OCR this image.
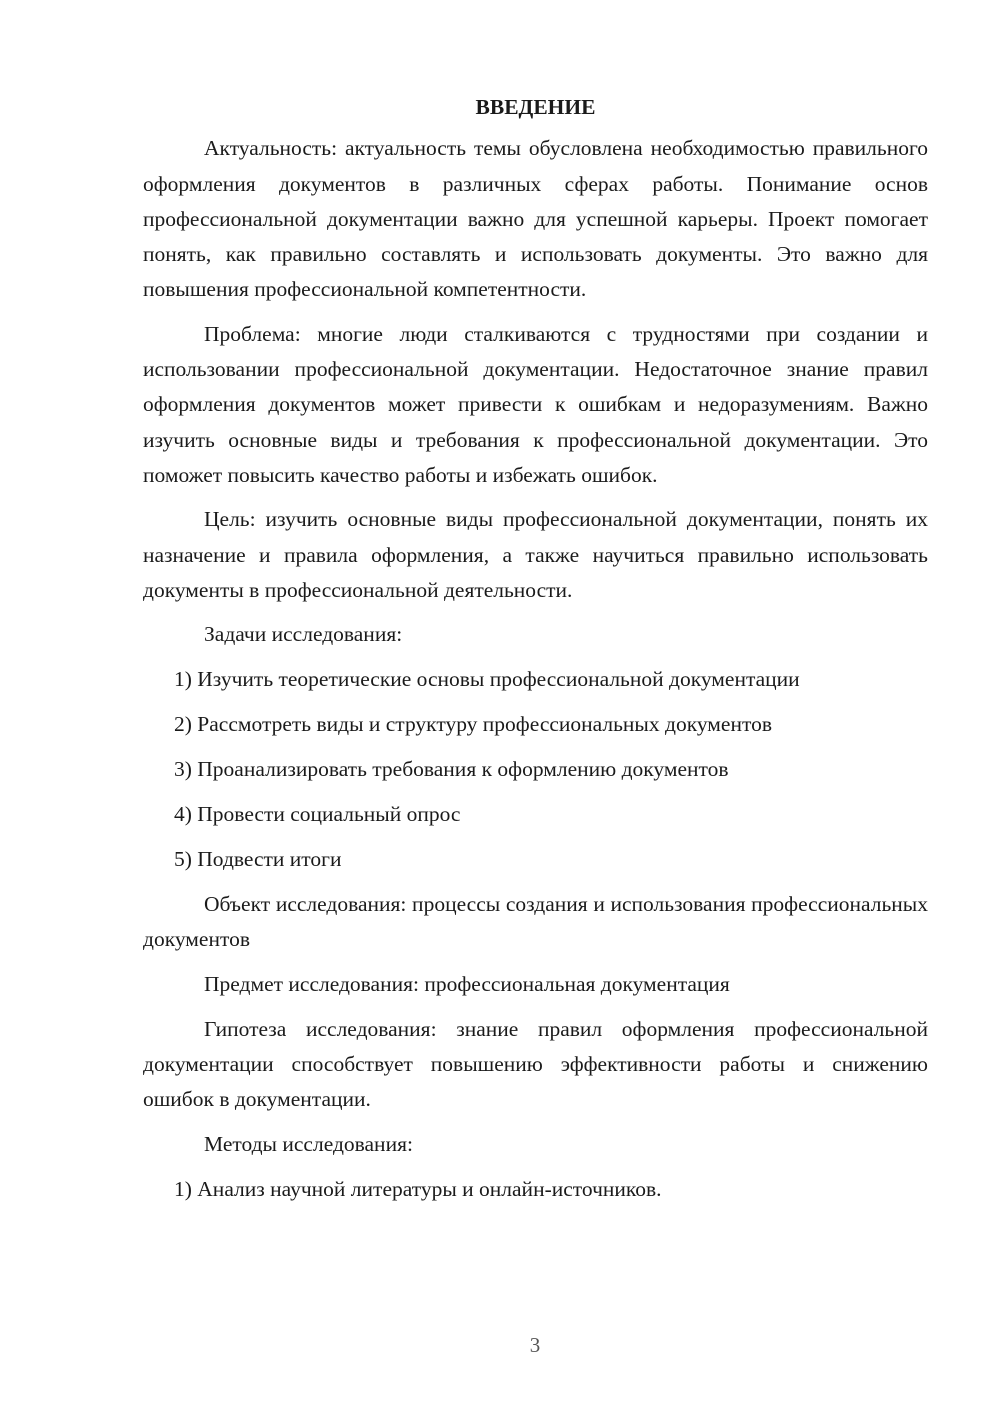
ВВЕДЕНИЕ

Актуальность: актуальность темы обусловлена необходимостью правильного оформления документов в различных сферах работы. Понимание основ профессиональной документации важно для успешной карьеры. Проект помогает понять, как правильно составлять и использовать документы. Это важно для повышения профессиональной компетентности.

Проблема: многие люди сталкиваются с трудностями при создании и использовании профессиональной документации. Недостаточное знание правил оформления документов может привести к ошибкам и недоразумениям. Важно изучить основные виды и требования к профессиональной документации. Это поможет повысить качество работы и избежать ошибок.

Цель: изучить основные виды профессиональной документации, понять их назначение и правила оформления, а также научиться правильно использовать документы в профессиональной деятельности.

Задачи исследования:
1) Изучить теоретические основы профессиональной документации
2) Рассмотреть виды и структуру профессиональных документов
3) Проанализировать требования к оформлению документов
4) Провести социальный опрос
5) Подвести итоги

Объект исследования: процессы создания и использования профессиональных документов

Предмет исследования: профессиональная документация

Гипотеза исследования: знание правил оформления профессиональной документации способствует повышению эффективности работы и снижению ошибок в документации.

Методы исследования:
1) Анализ научной литературы и онлайн-источников.
3
